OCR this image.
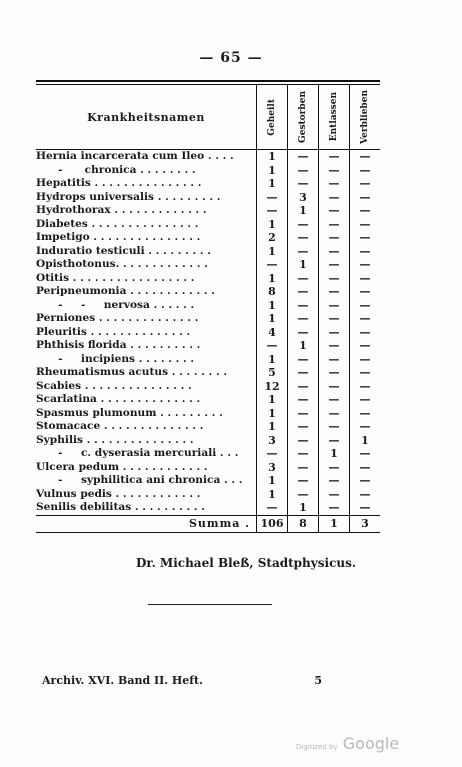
— 65 —
Krankheitsnamen	Geheilt Gestorben Entlassen Verblieben
Hernia incarcerata cum Ileo . . . .	1	—	—	—
-      chronica . . . . . . . .	1	—	—	—
Hepatitis . . . . . . . . . . . . . . .	1	—	—	—
Hydrops universalis . . . . . . . . .	—	3	—	—
Hydrothorax . . . . . . . . . . . . .	—	1	—	—
Diabetes . . . . . . . . . . . . . . .	1	—	—	—
Impetigo . . . . . . . . . . . . . . .	2	—	—	—
Induratio testiculi . . . . . . . . .	1	—	—	—
Opisthotonus. . . . . . . . . . . . .	—	1	—	—
Otitis . . . . . . . . . . . . . . . . .	1	—	—	—
Peripneumonia . . . . . . . . . . . .	8	—	—	—
-     -     nervosa . . . . . .	1	—	—	—
Perniones . . . . . . . . . . . . . .	1	—	—	—
Pleuritis . . . . . . . . . . . . . .	4	—	—	—
Phthisis florida . . . . . . . . . .	—	1	—	—
-     incipiens . . . . . . . .	1	—	—	—
Rheumatismus acutus . . . . . . . .	5	—	—	—
Scabies . . . . . . . . . . . . . . .	12	—	—	—
Scarlatina . . . . . . . . . . . . . .	1	—	—	—
Spasmus plumonum . . . . . . . . .	1	—	—	—
Stomacace . . . . . . . . . . . . . .	1	—	—	—
Syphilis . . . . . . . . . . . . . . .	3	—	—	1
-     c. dyserasia mercuriali . . .	—	—	1	—
Ulcera pedum . . . . . . . . . . . .	3	—	—	—
-     syphilitica ani chronica . . .	1	—	—	—
Vulnus pedis . . . . . . . . . . . .	1	—	—	—
Senilis debilitas . . . . . . . . . .	—	1	—	—
Summa . 106	8	1	3
Dr. Michael Bleß, Stadtphysicus.
Archiv. XVI. Band II. Heft.	5
Digitized by Google
